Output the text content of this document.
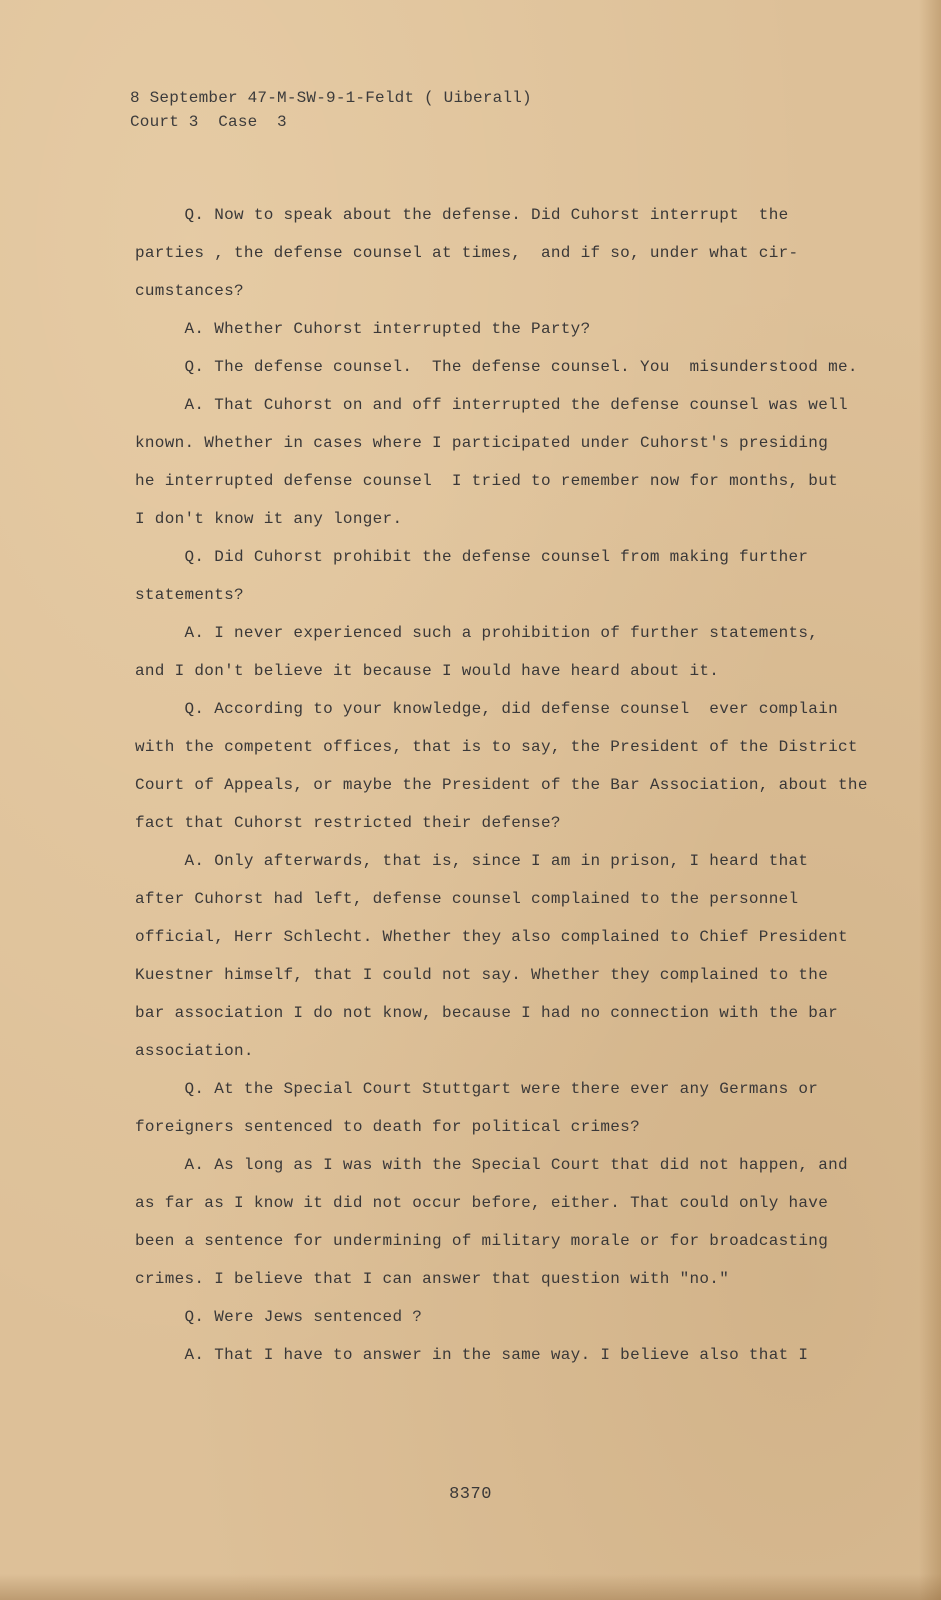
8 September 47-M-SW-9-1-Feldt ( Uiberall)
Court 3  Case  3
Q. Now to speak about the defense. Did Cuhorst interrupt  the
parties , the defense counsel at times,  and if so, under what cir-
cumstances?
A. Whether Cuhorst interrupted the Party?
Q. The defense counsel.  The defense counsel. You  misunderstood me.
A. That Cuhorst on and off interrupted the defense counsel was well
known. Whether in cases where I participated under Cuhorst's presiding
he interrupted defense counsel  I tried to remember now for months, but
I don't know it any longer.
Q. Did Cuhorst prohibit the defense counsel from making further
statements?
A. I never experienced such a prohibition of further statements,
and I don't believe it because I would have heard about it.
Q. According to your knowledge, did defense counsel  ever complain
with the competent offices, that is to say, the President of the District
Court of Appeals, or maybe the President of the Bar Association, about the
fact that Cuhorst restricted their defense?
A. Only afterwards, that is, since I am in prison, I heard that
after Cuhorst had left, defense counsel complained to the personnel
official, Herr Schlecht. Whether they also complained to Chief President
Kuestner himself, that I could not say. Whether they complained to the
bar association I do not know, because I had no connection with the bar
association.
Q. At the Special Court Stuttgart were there ever any Germans or
foreigners sentenced to death for political crimes?
A. As long as I was with the Special Court that did not happen, and
as far as I know it did not occur before, either. That could only have
been a sentence for undermining of military morale or for broadcasting
crimes. I believe that I can answer that question with "no."
Q. Were Jews sentenced ?
A. That I have to answer in the same way. I believe also that I
8370
